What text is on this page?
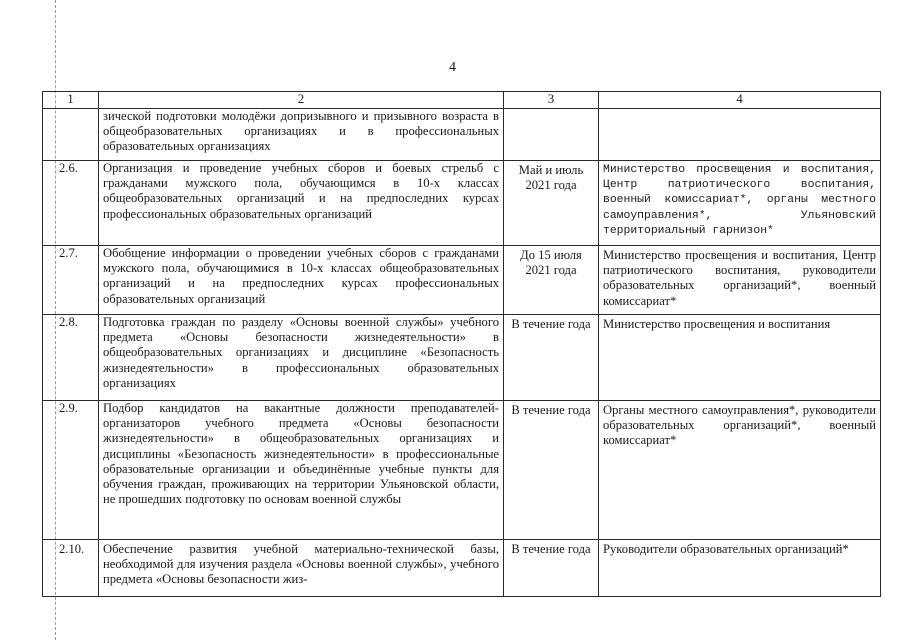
4
1	2	3	4
	зической подготовки молодёжи допризывного и призывного возраста в общеобразовательных организациях и в профессиональных образовательных организациях		
2.6.	Организация и проведение учебных сборов и боевых стрельб с гражданами мужского пола, обучающимся в 10-х классах общеобразовательных организаций и на предпоследних курсах профессиональных образовательных организаций	Май и июль 2021 года	Министерство просвещения и воспитания, Центр патриотического воспитания, военный комиссариат*, органы местного самоуправления*, Ульяновский территориальный гарнизон*
2.7.	Обобщение информации о проведении учебных сборов с гражданами мужского пола, обучающимися в 10-х классах общеобразовательных организаций и на предпоследних курсах профессиональных образовательных организаций	До 15 июля 2021 года	Министерство просвещения и воспитания, Центр патриотического воспитания, руководители образовательных организаций*, военный комиссариат*
2.8.	Подготовка граждан по разделу «Основы военной службы» учебного предмета «Основы безопасности жизнедеятельности» в общеобразовательных организациях и дисциплине «Безопасность жизнедеятельности» в профессиональных образовательных организациях	В течение года	Министерство просвещения и воспитания
2.9.	Подбор кандидатов на вакантные должности преподавателей-организаторов учебного предмета «Основы безопасности жизнедеятельности» в общеобразовательных организациях и дисциплины «Безопасность жизнедеятельности» в профессиональные образовательные организации и объединённые учебные пункты для обучения граждан, проживающих на территории Ульяновской области, не прошедших подготовку по основам военной службы	В течение года	Органы местного самоуправления*, руководители образовательных организаций*, военный комиссариат*
2.10.	Обеспечение развития учебной материально-технической базы, необходимой для изучения раздела «Основы военной службы», учебного предмета «Основы безопасности жиз-	В течение года	Руководители образовательных организаций*
